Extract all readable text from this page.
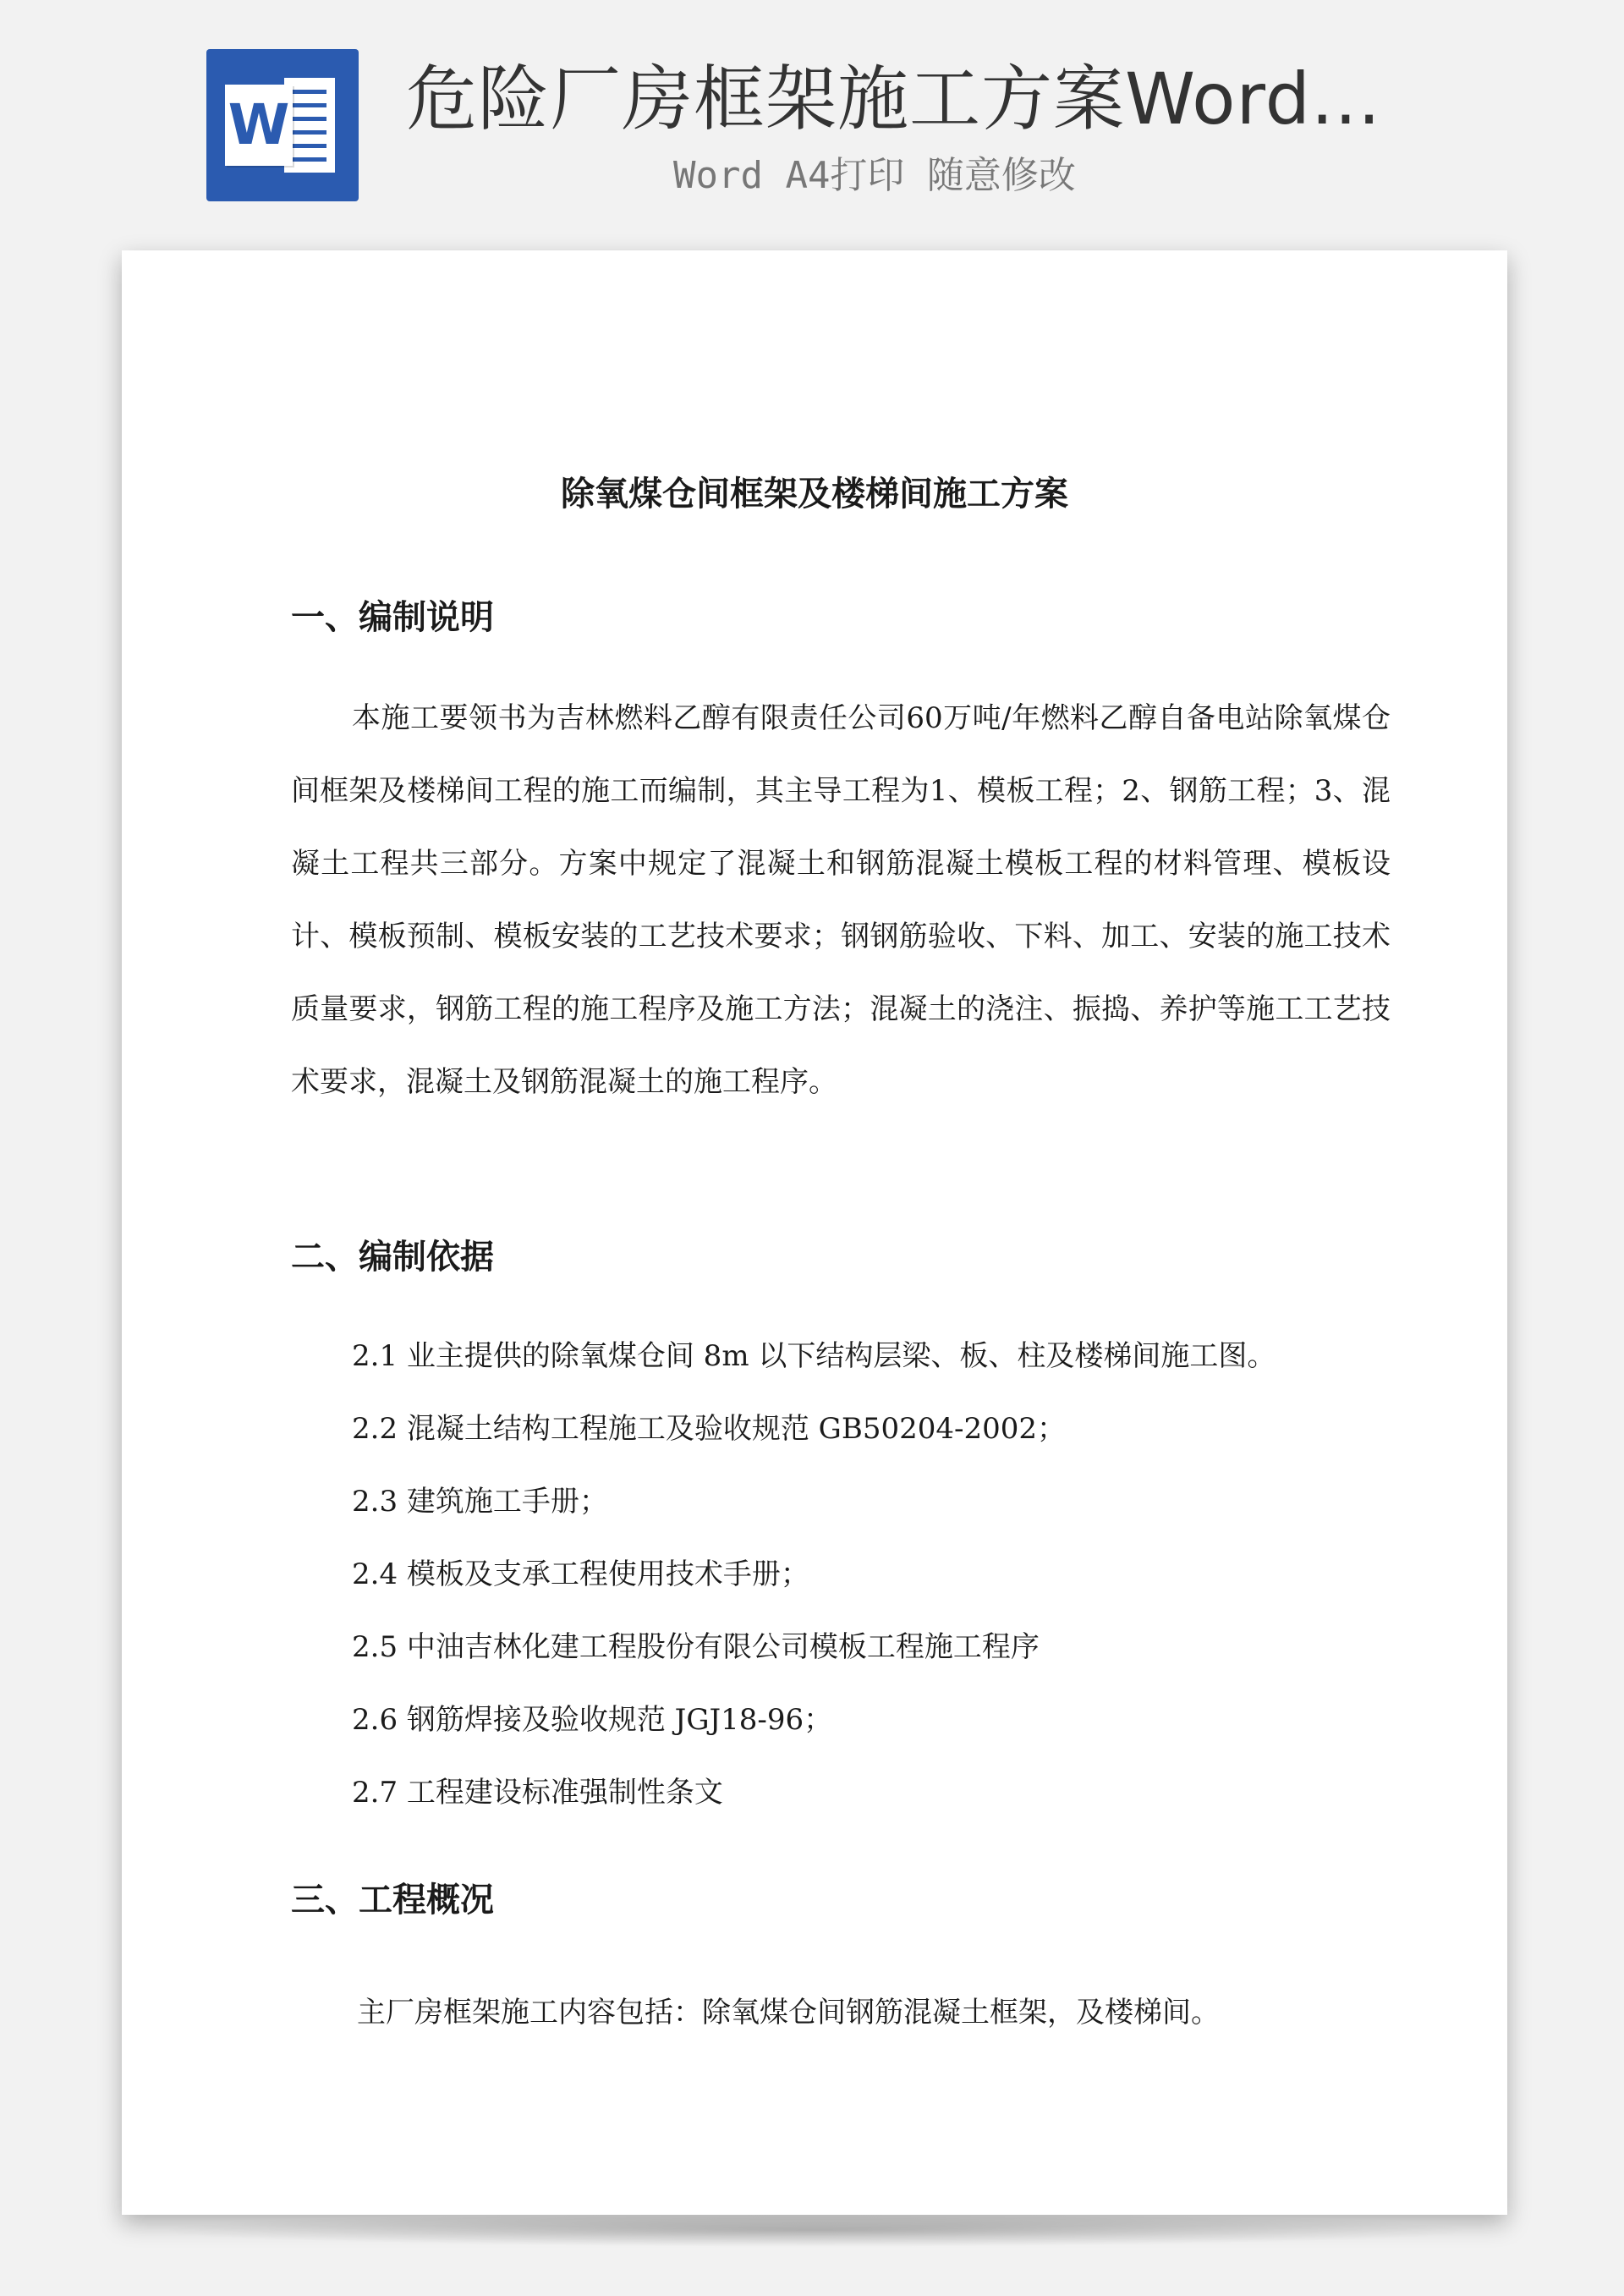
W 危险厂房框架施工方案Word...
Word A4打印 随意修改
除氧煤仓间框架及楼梯间施工方案
一、编制说明
本施工要领书为吉林燃料乙醇有限责任公司60万吨/年燃料乙醇自备电站除氧煤仓间框架及楼梯间工程的施工而编制，其主导工程为1、模板工程；2、钢筋工程；3、混凝土工程共三部分。方案中规定了混凝土和钢筋混凝土模板工程的材料管理、模板设计、模板预制、模板安装的工艺技术要求；钢钢筋验收、下料、加工、安装的施工技术质量要求，钢筋工程的施工程序及施工方法；混凝土的浇注、振捣、养护等施工工艺技术要求，混凝土及钢筋混凝土的施工程序。
二、编制依据
2.1 业主提供的除氧煤仓间 8m 以下结构层梁、板、柱及楼梯间施工图。
2.2 混凝土结构工程施工及验收规范 GB50204-2002；
2.3 建筑施工手册；
2.4 模板及支承工程使用技术手册；
2.5 中油吉林化建工程股份有限公司模板工程施工程序
2.6 钢筋焊接及验收规范 JGJ18-96；
2.7 工程建设标准强制性条文
三、工程概况
主厂房框架施工内容包括：除氧煤仓间钢筋混凝土框架，及楼梯间。
